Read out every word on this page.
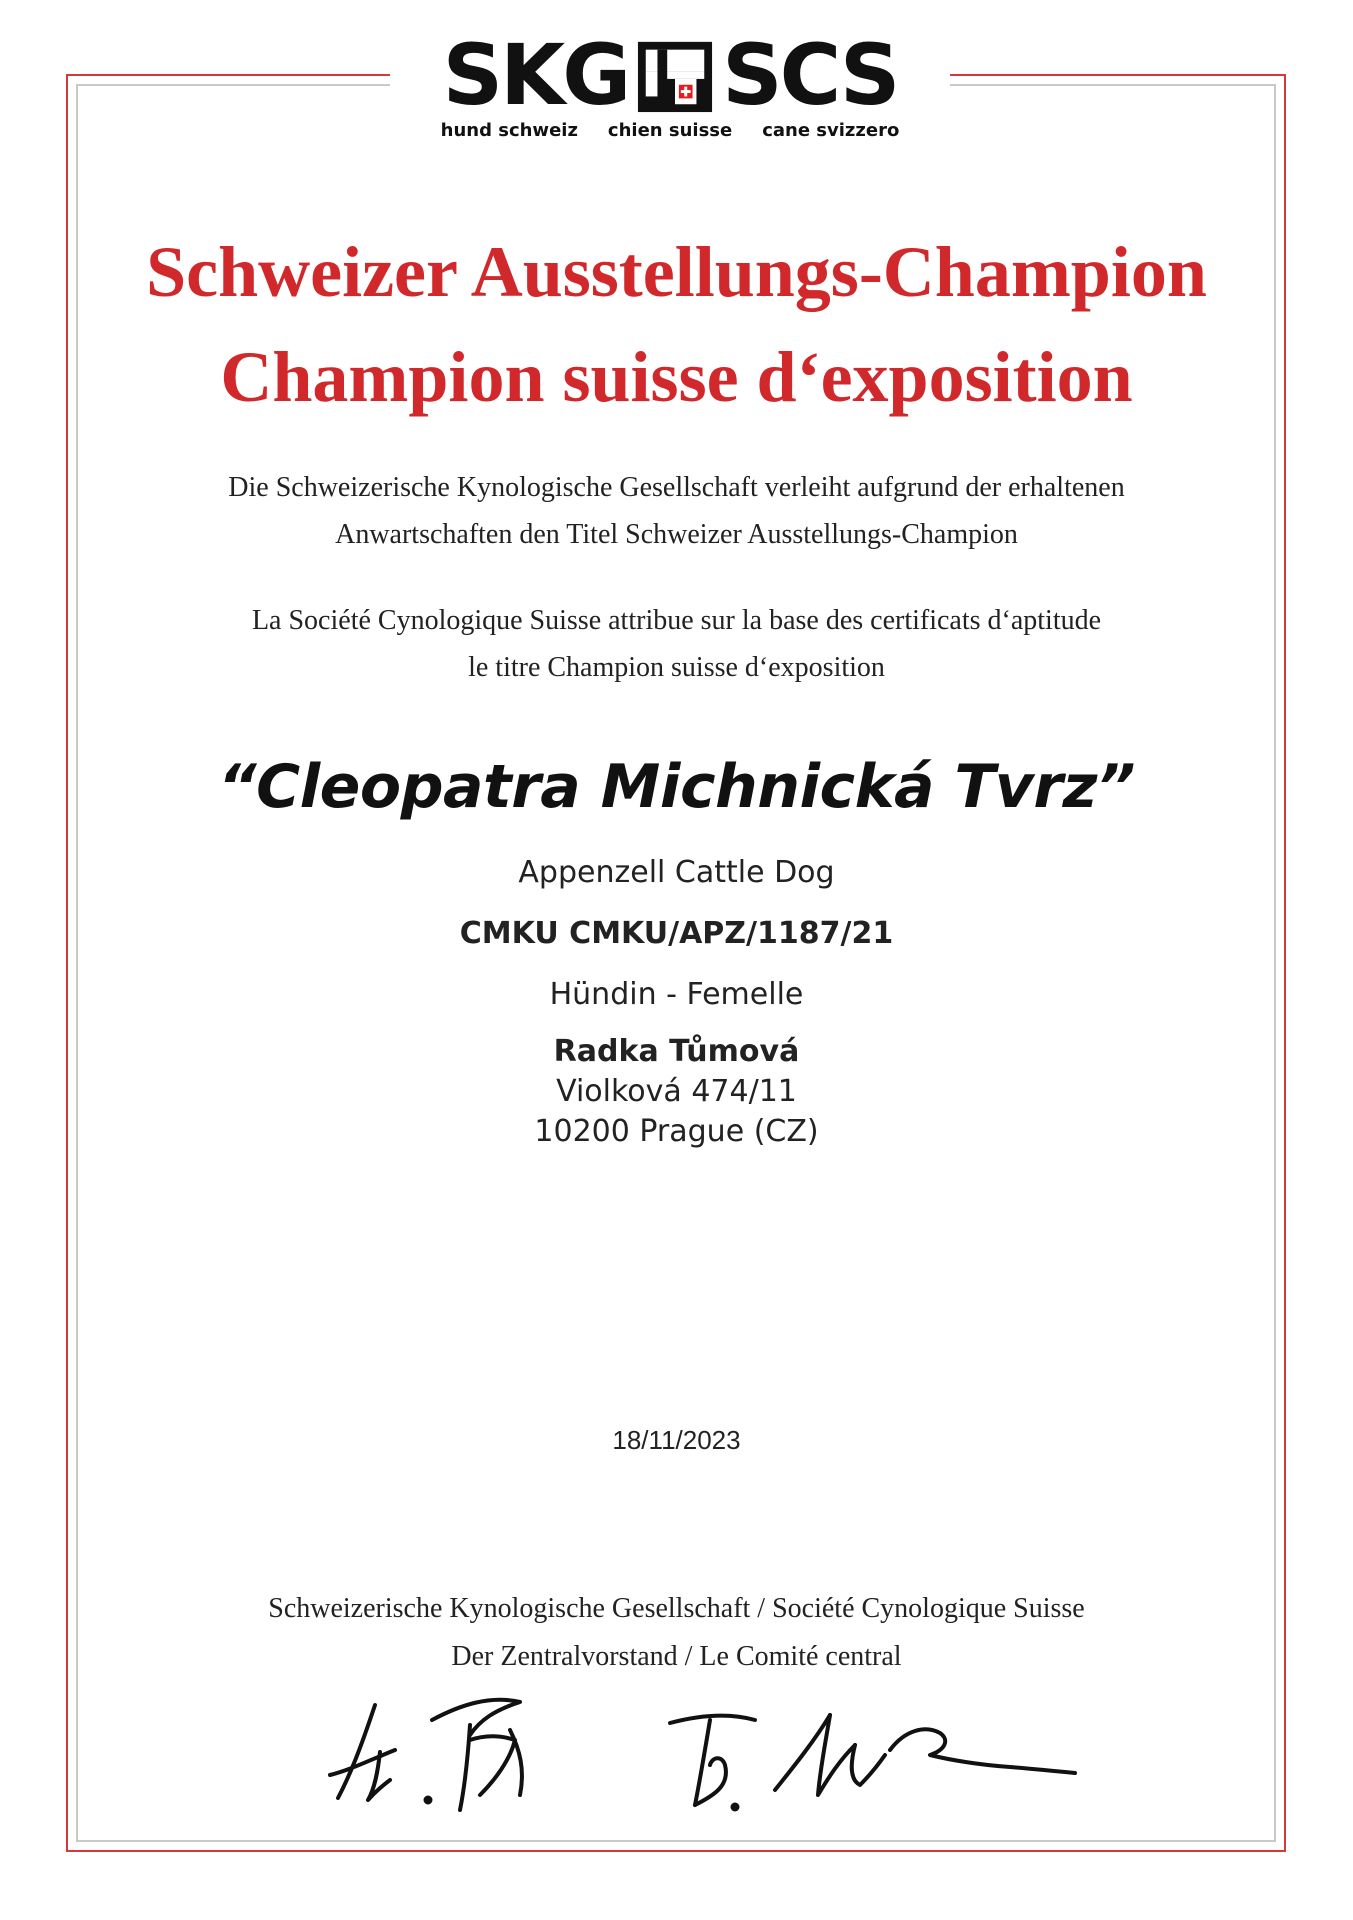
SKG SCS
hund schweiz chien suisse cane svizzero
Schweizer Ausstellungs-Champion
Champion suisse d‘exposition
Die Schweizerische Kynologische Gesellschaft verleiht aufgrund der erhaltenen
Anwartschaften den Titel Schweizer Ausstellungs-Champion
La Société Cynologique Suisse attribue sur la base des certificats d‘aptitude
le titre Champion suisse d‘exposition
“Cleopatra Michnická Tvrz”
Appenzell Cattle Dog
CMKU CMKU/APZ/1187/21
Hündin - Femelle
Radka Tůmová
Violková 474/11
10200 Prague (CZ)
18/11/2023
Schweizerische Kynologische Gesellschaft / Société Cynologique Suisse
Der Zentralvorstand / Le Comité central
